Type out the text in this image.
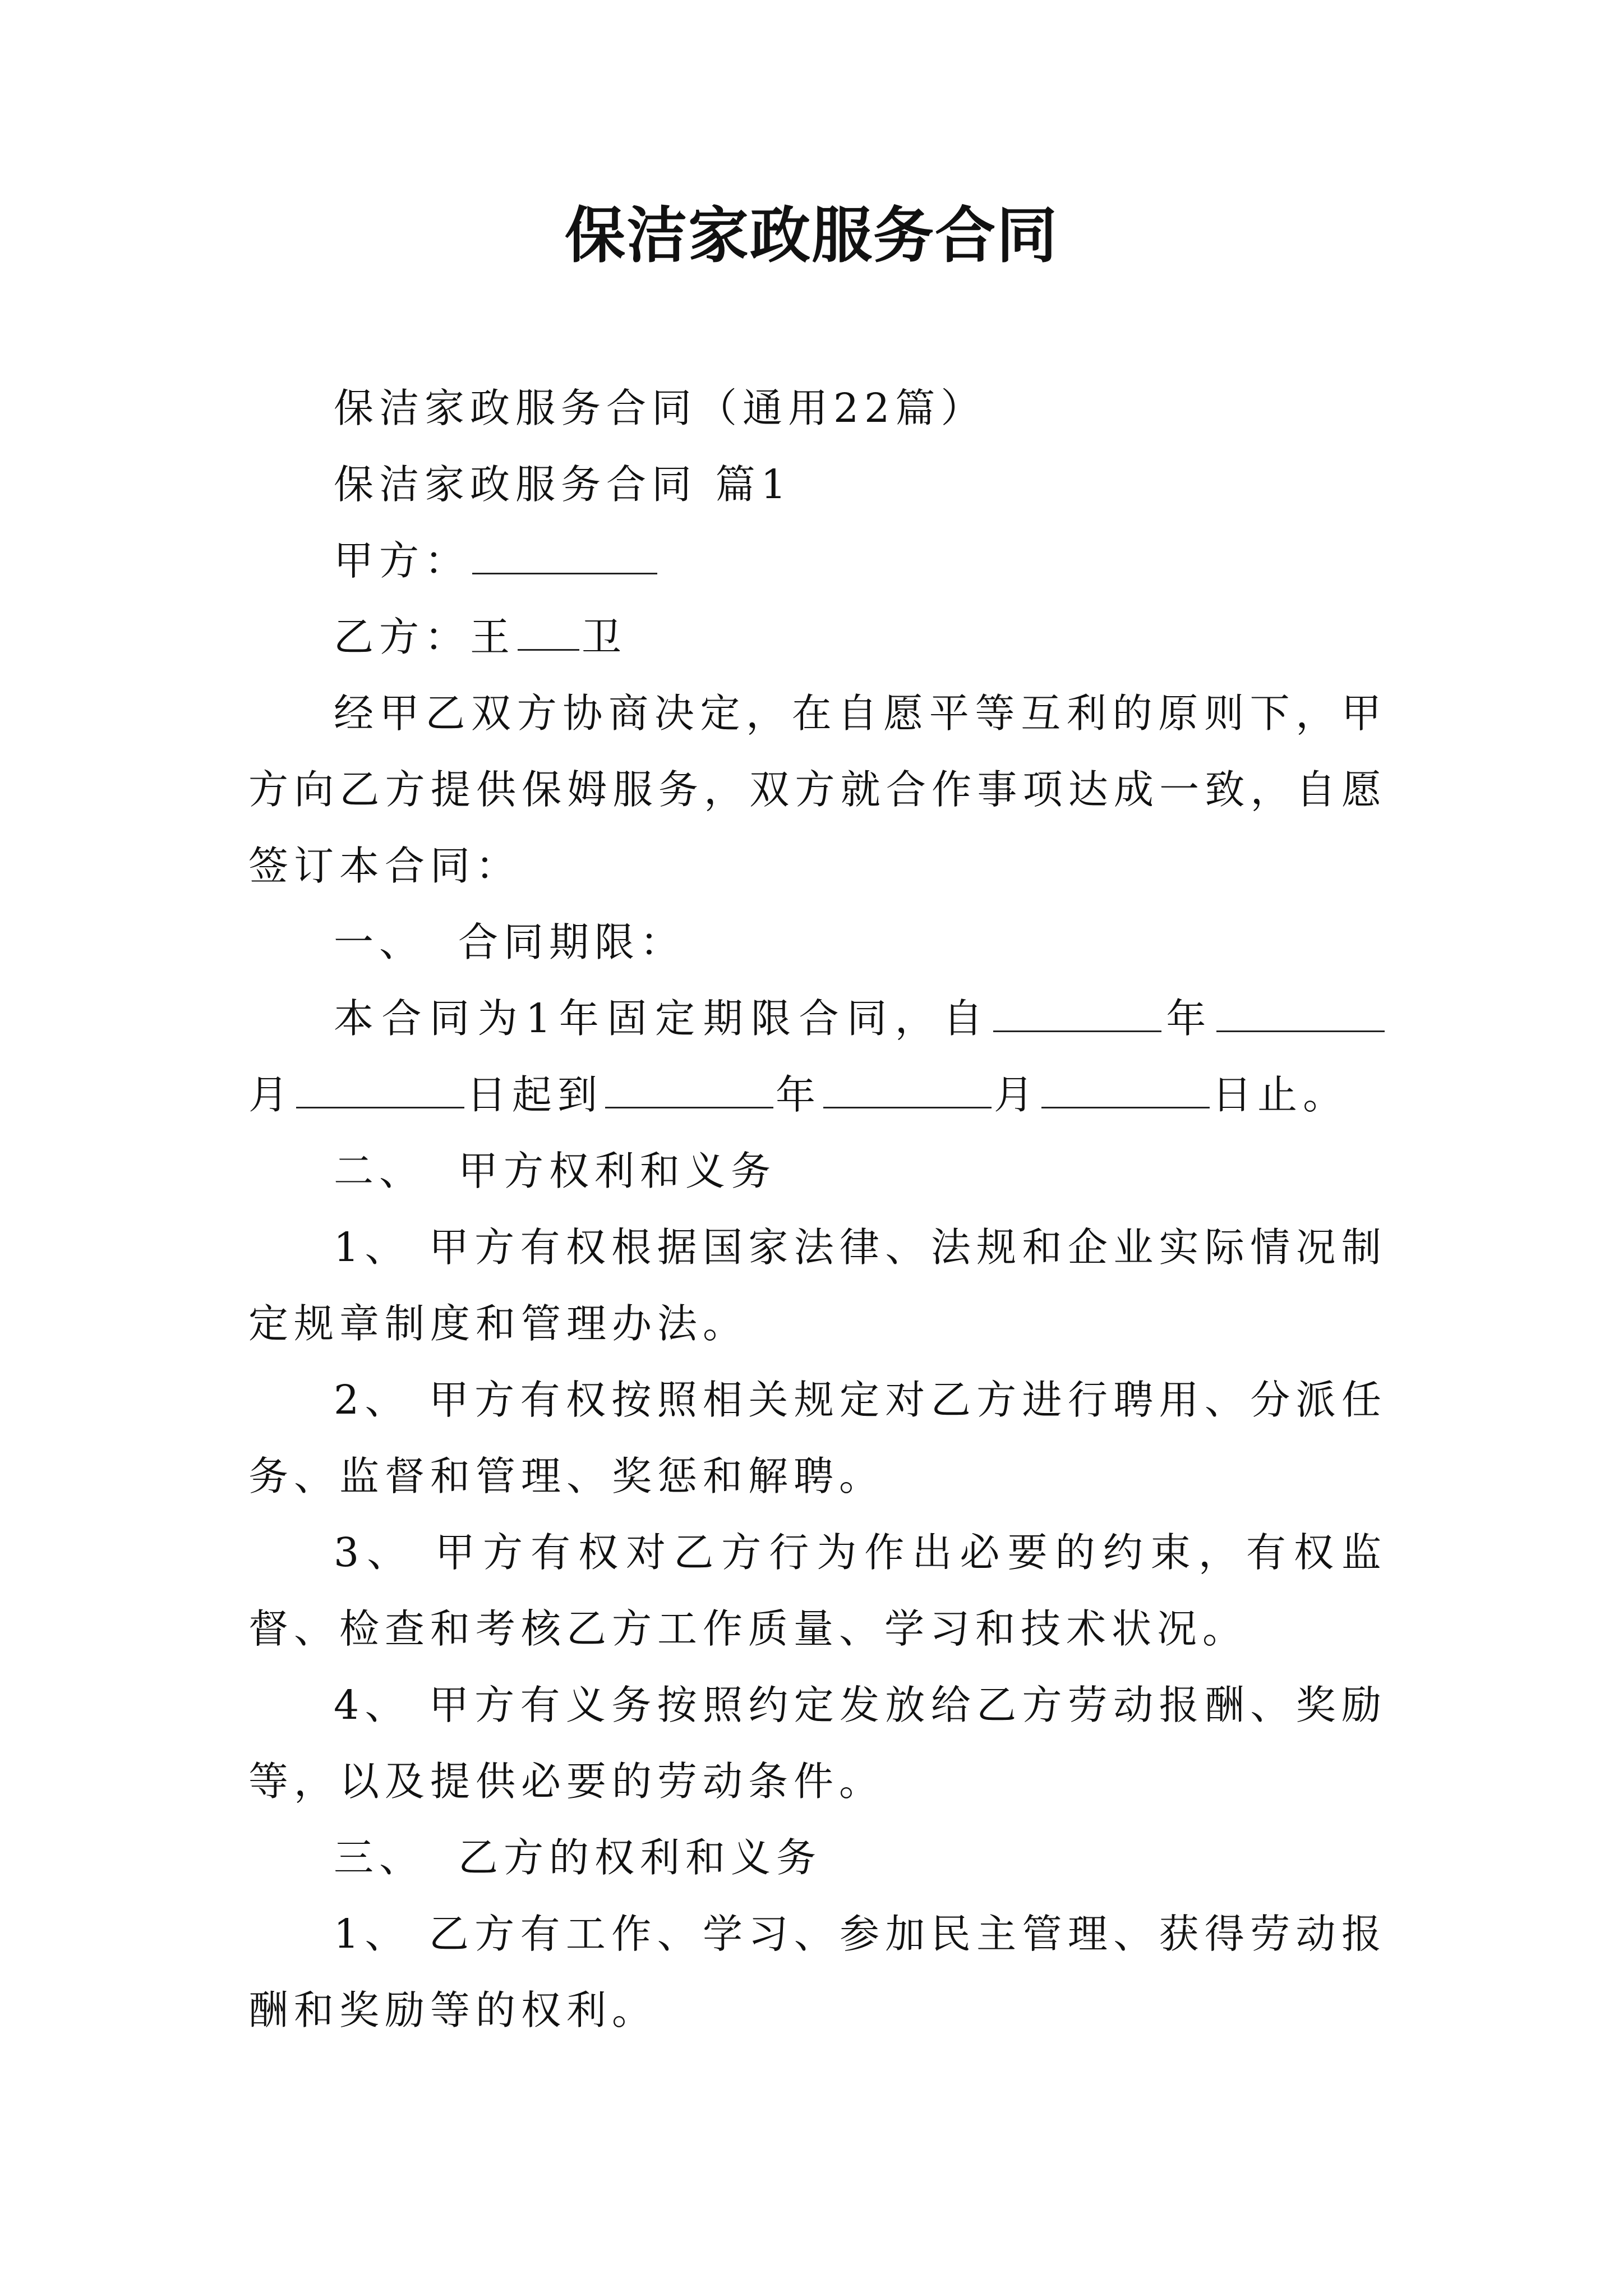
保洁家政服务合同

保洁家政服务合同（通用22篇）

保洁家政服务合同 篇1

甲方：

乙方：王 卫

经甲乙双方协商决定，在自愿平等互利的原则下，甲方向乙方提供保姆服务，双方就合作事项达成一致，自愿签订本合同：

一、 合同期限：

本合同为1年固定期限合同，自	年月	日起到	年	月	日止。

二、 甲方权利和义务

1、 甲方有权根据国家法律、法规和企业实际情况制定规章制度和管理办法。

2、 甲方有权按照相关规定对乙方进行聘用、分派任务、监督和管理、奖惩和解聘。

3、 甲方有权对乙方行为作出必要的约束，有权监督、检查和考核乙方工作质量、学习和技术状况。

4、 甲方有义务按照约定发放给乙方劳动报酬、奖励等，以及提供必要的劳动条件。

三、 乙方的权利和义务

1、 乙方有工作、学习、参加民主管理、获得劳动报酬和奖励等的权利。
